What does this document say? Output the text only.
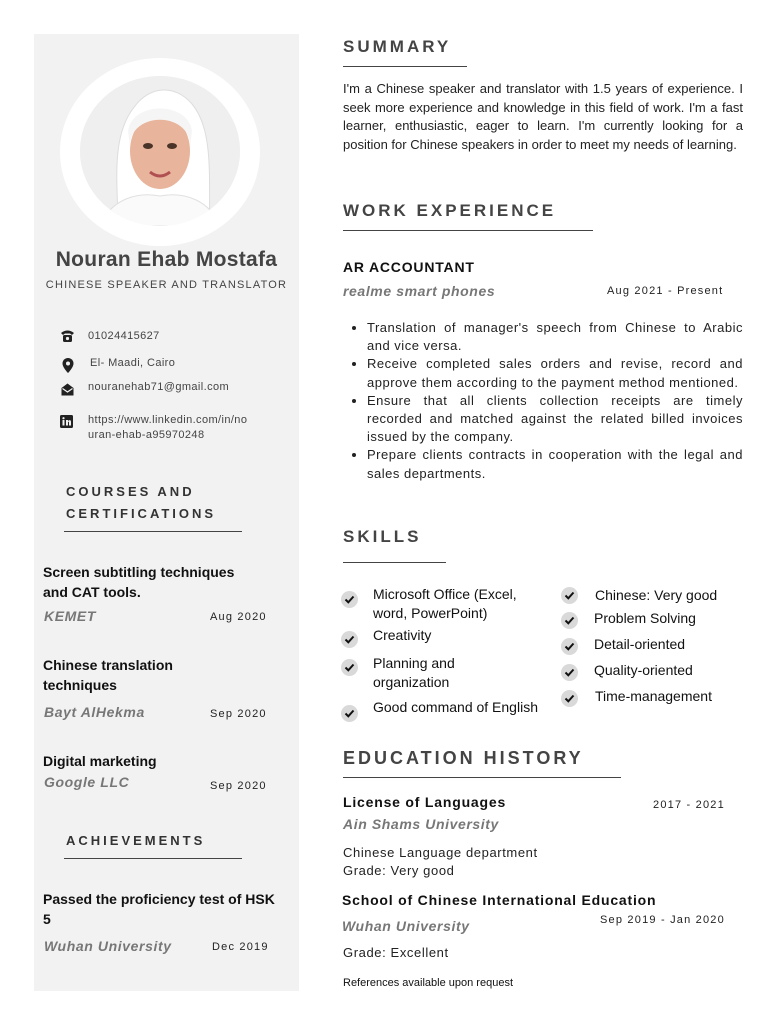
Nouran Ehab Mostafa
CHINESE SPEAKER AND TRANSLATOR
01024415627
El- Maadi, Cairo
nouranehab71@gmail.com
https://www.linkedin.com/in/no
uran-ehab-a95970248
COURSES AND
CERTIFICATIONS
Screen subtitling techniques and CAT tools.
KEMET	Aug 2020
Chinese translation techniques
Bayt AlHekma	Sep 2020
Digital marketing
Google LLC	Sep 2020
ACHIEVEMENTS
Passed the proficiency test of HSK 5
Wuhan University	Dec 2019
SUMMARY
I'm a Chinese speaker and translator with 1.5 years of experience. I seek more experience and knowledge in this field of work. I'm a fast learner, enthusiastic, eager to learn. I'm currently looking for a position for Chinese speakers in order to meet my needs of learning.
WORK EXPERIENCE
AR ACCOUNTANT
realme smart phones	Aug 2021 - Present
• Translation of manager's speech from Chinese to Arabic and vice versa.
• Receive completed sales orders and revise, record and approve them according to the payment method mentioned.
• Ensure that all clients collection receipts are timely recorded and matched against the related billed invoices issued by the company.
• Prepare clients contracts in cooperation with the legal and sales departments.
SKILLS
Microsoft Office (Excel, word, PowerPoint)
Creativity
Planning and organization
Good command of English
Chinese: Very good
Problem Solving
Detail-oriented
Quality-oriented
Time-management
EDUCATION HISTORY
License of Languages
Ain Shams University
2017 - 2021
Chinese Language department
Grade: Very good
School of Chinese International Education
Wuhan University	Sep 2019 - Jan 2020
Grade: Excellent
References available upon request
